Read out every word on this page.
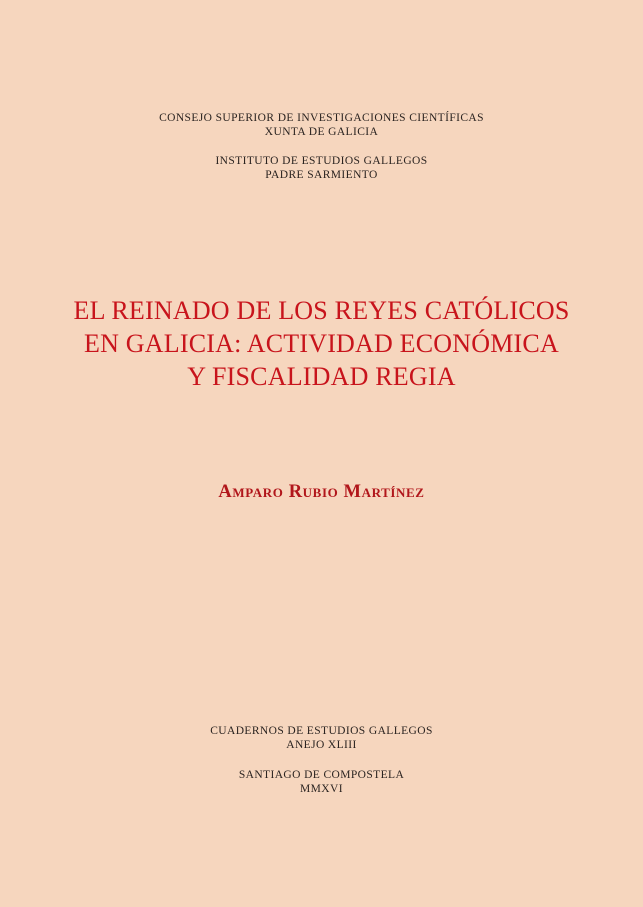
CONSEJO SUPERIOR DE INVESTIGACIONES CIENTÍFICAS
XUNTA DE GALICIA
INSTITUTO DE ESTUDIOS GALLEGOS
PADRE SARMIENTO
EL REINADO DE LOS REYES CATÓLICOS
EN GALICIA: ACTIVIDAD ECONÓMICA
Y FISCALIDAD REGIA
Amparo Rubio Martínez
CUADERNOS DE ESTUDIOS GALLEGOS
ANEJO XLIII
SANTIAGO DE COMPOSTELA
MMXVI
